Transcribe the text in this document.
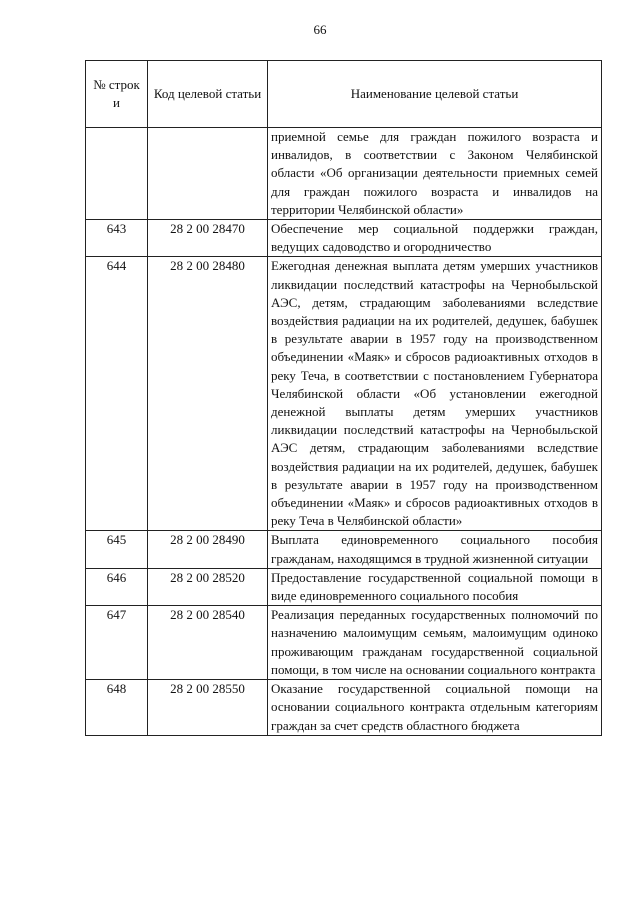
66
№ строк и	Код целевой статьи	Наименование целевой статьи
		приемной семье для граждан пожилого возраста и инвалидов, в соответствии с Законом Челябинской области «Об организации деятельности приемных семей для граждан пожилого возраста и инвалидов на территории Челябинской области»
643	28 2 00 28470	Обеспечение мер социальной поддержки граждан, ведущих садоводство и огородничество
644	28 2 00 28480	Ежегодная денежная выплата детям умерших участников ликвидации последствий катастрофы на Чернобыльской АЭС, детям, страдающим заболеваниями вследствие воздействия радиации на их родителей, дедушек, бабушек в результате аварии в 1957 году на производственном объединении «Маяк» и сбросов радиоактивных отходов в реку Теча, в соответствии с постановлением Губернатора Челябинской области «Об установлении ежегодной денежной выплаты детям умерших участников ликвидации последствий катастрофы на Чернобыльской АЭС детям, страдающим заболеваниями вследствие воздействия радиации на их родителей, дедушек, бабушек в результате аварии в 1957 году на производственном объединении «Маяк» и сбросов радиоактивных отходов в реку Теча в Челябинской области»
645	28 2 00 28490	Выплата единовременного социального пособия гражданам, находящимся в трудной жизненной ситуации
646	28 2 00 28520	Предоставление государственной социальной помощи в виде единовременного социального пособия
647	28 2 00 28540	Реализация переданных государственных полномочий по назначению малоимущим семьям, малоимущим одиноко проживающим гражданам государственной социальной помощи, в том числе на основании социального контракта
648	28 2 00 28550	Оказание государственной социальной помощи на основании социального контракта отдельным категориям граждан за счет средств областного бюджета
